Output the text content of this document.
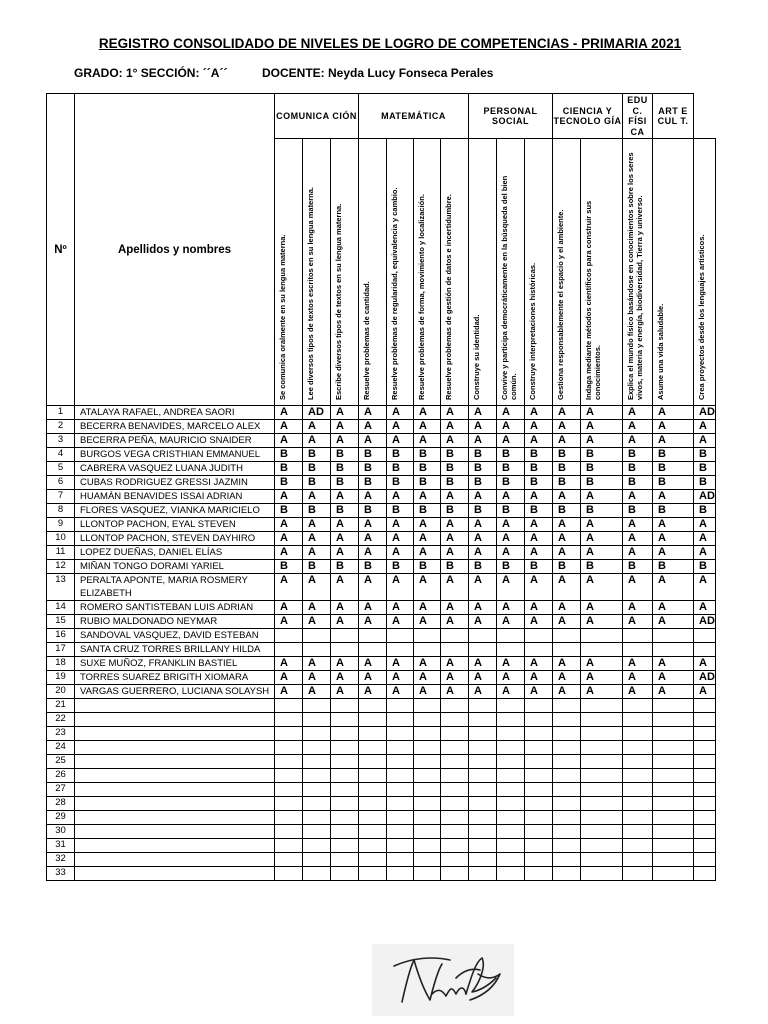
REGISTRO CONSOLIDADO DE NIVELES DE LOGRO DE COMPETENCIAS - PRIMARIA 2021
GRADO: 1° SECCIÓN: ´´A´´	DOCENTE: Neyda Lucy Fonseca Perales
Nº	Apellidos y nombres	COMUNICA CIÓN			MATEMÁTICA				PERSONAL SOCIAL			CIENCIA Y TECNOLO GÍA		EDU C. FÍSI CA	ART E CUL T.	

		Se comunica oralmente en su lengua materna.	Lee diversos tipos de textos escritos en su lengua materna.	Escribe diversos tipos de textos en su lengua materna.	Resuelve problemas de cantidad.	Resuelve problemas de regularidad, equivalencia y cambio.	Resuelve problemas de forma, movimiento y localización.	Resuelve problemas de gestión de datos e incertidumbre.	Construye su identidad.	Convive y participa democráticamente en la búsqueda del bien común.	Construye interpretaciones históricas.	Gestiona responsablemente el espacio y el ambiente.	Indaga mediante métodos científicos para construir sus conocimientos.	Explica el mundo físico basándose en conocimientos sobre los seres vivos, materia y energía, biodiversidad, Tierra y universo.	Asume una vida saludable.	Crea proyectos desde los lenguajes artísticos.

1	ATALAYA RAFAEL, ANDREA SAORI	A	AD	A	A	A	A	A	A	A	A	A	A	A	A	AD
2	BECERRA BENAVIDES, MARCELO ALEX	A	A	A	A	A	A	A	A	A	A	A	A	A	A	A
3	BECERRA PEÑA, MAURICIO SNAIDER	A	A	A	A	A	A	A	A	A	A	A	A	A	A	A
4	BURGOS VEGA CRISTHIAN EMMANUEL	B	B	B	B	B	B	B	B	B	B	B	B	B	B	B
5	CABRERA VASQUEZ LUANA JUDITH	B	B	B	B	B	B	B	B	B	B	B	B	B	B	B
6	CUBAS RODRIGUEZ GRESSI JAZMIN	B	B	B	B	B	B	B	B	B	B	B	B	B	B	B
7	HUAMÁN BENAVIDES ISSAI ADRIAN	A	A	A	A	A	A	A	A	A	A	A	A	A	A	AD
8	FLORES VASQUEZ, VIANKA MARICIELO	B	B	B	B	B	B	B	B	B	B	B	B	B	B	B
9	LLONTOP PACHON, EYAL STEVEN	A	A	A	A	A	A	A	A	A	A	A	A	A	A	A
10	LLONTOP PACHON, STEVEN DAYHIRO	A	A	A	A	A	A	A	A	A	A	A	A	A	A	A
11	LOPEZ DUEÑAS, DANIEL ELÍAS	A	A	A	A	A	A	A	A	A	A	A	A	A	A	A
12	MIÑAN TONGO DORAMI YARIEL	B	B	B	B	B	B	B	B	B	B	B	B	B	B	B
13	PERALTA APONTE, MARIA ROSMERY ELIZABETH	A	A	A	A	A	A	A	A	A	A	A	A	A	A	A
14	ROMERO SANTISTEBAN LUIS ADRIAN	A	A	A	A	A	A	A	A	A	A	A	A	A	A	A
15	RUBIO MALDONADO NEYMAR	A	A	A	A	A	A	A	A	A	A	A	A	A	A	AD
16	SANDOVAL VASQUEZ, DAVID ESTEBAN															
17	SANTA CRUZ TORRES BRILLANY HILDA															
18	SUXE MUÑOZ, FRANKLIN BASTIEL	A	A	A	A	A	A	A	A	A	A	A	A	A	A	A
19	TORRES SUAREZ BRIGITH XIOMARA	A	A	A	A	A	A	A	A	A	A	A	A	A	A	AD
20	VARGAS GUERRERO, LUCIANA SOLAYSH	A	A	A	A	A	A	A	A	A	A	A	A	A	A	A
21																
22																
23																
24																
25																
26																
27																
28																
29																
30																
31																
32																
33																
